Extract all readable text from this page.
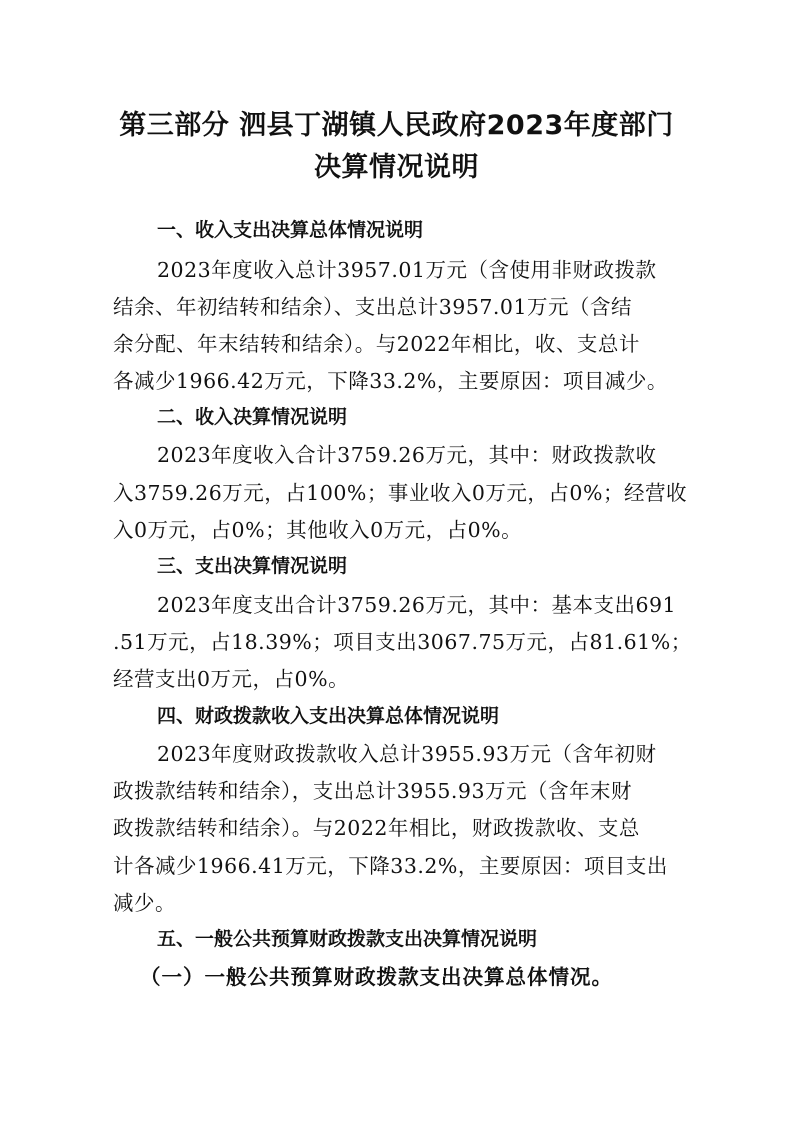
第三部分 泗县丁湖镇人民政府2023年度部门
决算情况说明
一、收入支出决算总体情况说明
2023年度收入总计3957.01万元（含使用非财政拨款
结余、年初结转和结余）、支出总计3957.01万元（含结
余分配、年末结转和结余）。与2022年相比，收、支总计
各减少1966.42万元，下降33.2%，主要原因：项目减少。
二、收入决算情况说明
2023年度收入合计3759.26万元，其中：财政拨款收
入3759.26万元，占100%；事业收入0万元，占0%；经营收
入0万元，占0%；其他收入0万元，占0%。
三、支出决算情况说明
2023年度支出合计3759.26万元，其中：基本支出691
.51万元，占18.39%；项目支出3067.75万元，占81.61%；
经营支出0万元，占0%。
四、财政拨款收入支出决算总体情况说明
2023年度财政拨款收入总计3955.93万元（含年初财
政拨款结转和结余），支出总计3955.93万元（含年末财
政拨款结转和结余）。与2022年相比，财政拨款收、支总
计各减少1966.41万元，下降33.2%，主要原因：项目支出
减少。
五、一般公共预算财政拨款支出决算情况说明
（一）一般公共预算财政拨款支出决算总体情况。
